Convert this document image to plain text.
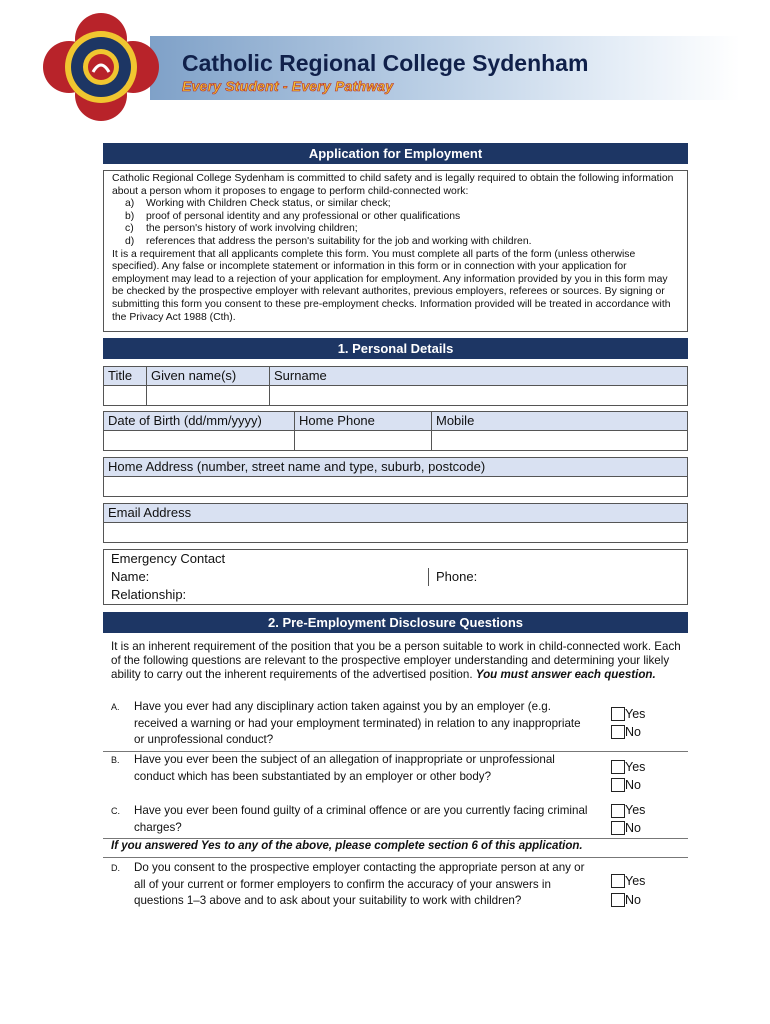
Catholic Regional College Sydenham
Every Student - Every Pathway
Application for Employment

Catholic Regional College Sydenham is committed to child safety and is legally required to obtain the following information about a person whom it proposes to engage to perform child-connected work:

a) Working with Children Check status, or similar check;

b) proof of personal identity and any professional or other qualifications

c) the person's history of work involving children;

d) references that address the person's suitability for the job and working with children.

It is a requirement that all applicants complete this form. You must complete all parts of the form (unless otherwise specified). Any false or incomplete statement or information in this form or in connection with your application for employment may lead to a rejection of your application for employment. Any information provided by you in this form may be checked by the prospective employer with relevant authorites, previous employers, referees or sources. By signing or submitting this form you consent to these pre-employment checks. Information provided will be treated in accordance with the Privacy Act 1988 (Cth).

1. Personal Details
Title	Given name(s)	Surname
Date of Birth (dd/mm/yyyy)	Home Phone	Mobile
Home Address (number, street name and type, suburb, postcode)
Email Address
Emergency Contact
Name:	Phone:
Relationship:
2. Pre-Employment Disclosure Questions
It is an inherent requirement of the position that you be a person suitable to work in child-connected work. Each of the following questions are relevant to the prospective employer understanding and determining your likely ability to carry out the inherent requirements of the advertised position. You must answer each question.
A. Have you ever had any disciplinary action taken against you by an employer (e.g. received a warning or had your employment terminated) in relation to any inappropriate or unprofessional conduct?
Yes
No
B. Have you ever been the subject of an allegation of inappropriate or unprofessional conduct which has been substantiated by an employer or other body?
Yes
No
C. Have you ever been found guilty of a criminal offence or are you currently facing criminal charges?
Yes
No
If you answered Yes to any of the above, please complete section 6 of this application.
D. Do you consent to the prospective employer contacting the appropriate person at any or all of your current or former employers to confirm the accuracy of your answers in questions 1–3 above and to ask about your suitability to work with children?
Yes
No
